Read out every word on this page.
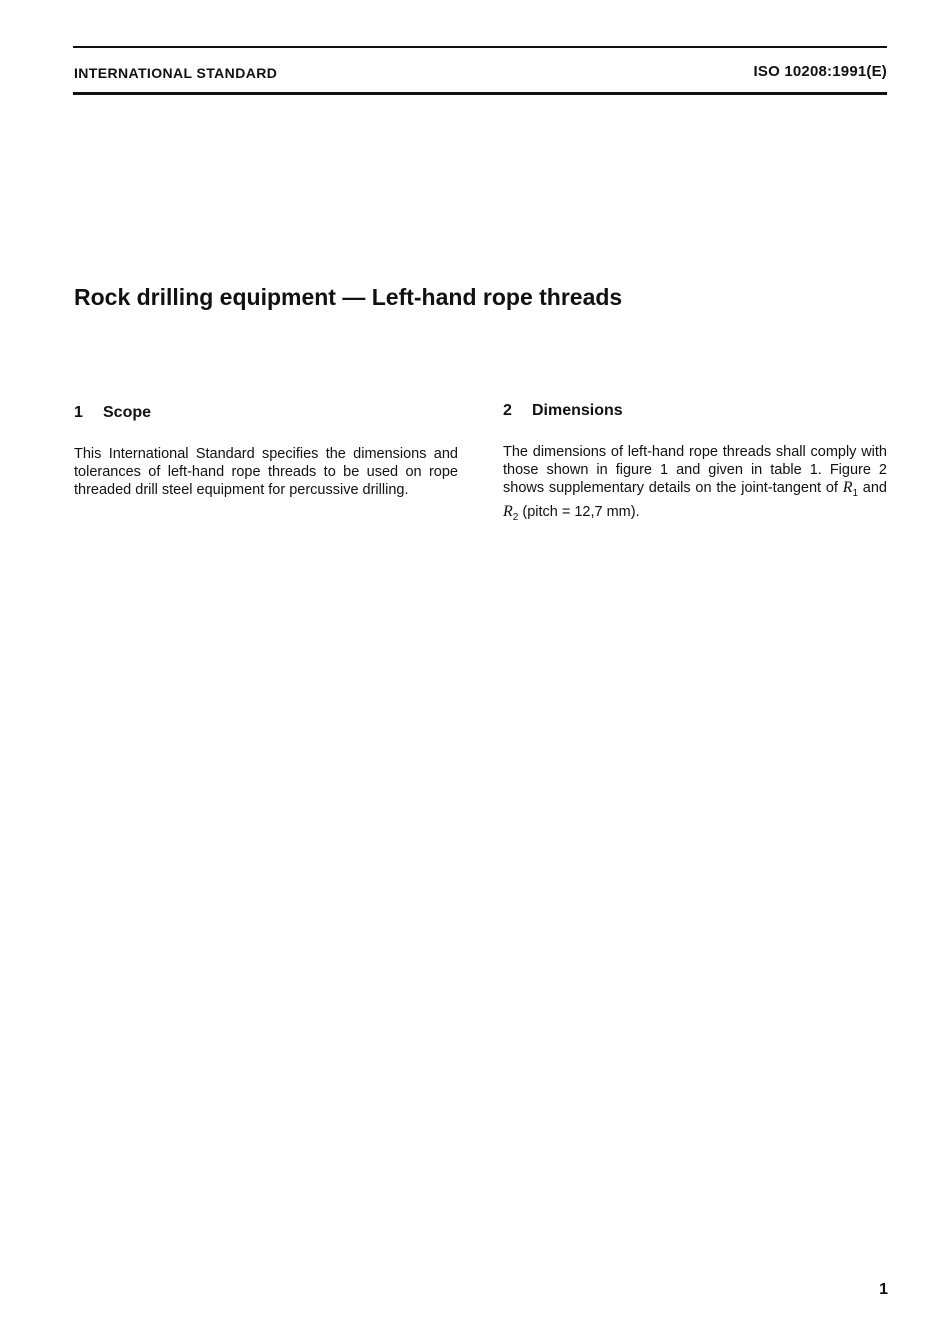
INTERNATIONAL STANDARD	ISO 10208:1991(E)
Rock drilling equipment — Left-hand rope threads
1 Scope

This International Standard specifies the dimensions and tolerances of left-hand rope threads to be used on rope threaded drill steel equipment for percussive drilling.

2 Dimensions

The dimensions of left-hand rope threads shall comply with those shown in figure 1 and given in table 1. Figure 2 shows supplementary details on the joint-tangent of $R_1$ and $R_2$ (pitch = 12,7 mm).

1
